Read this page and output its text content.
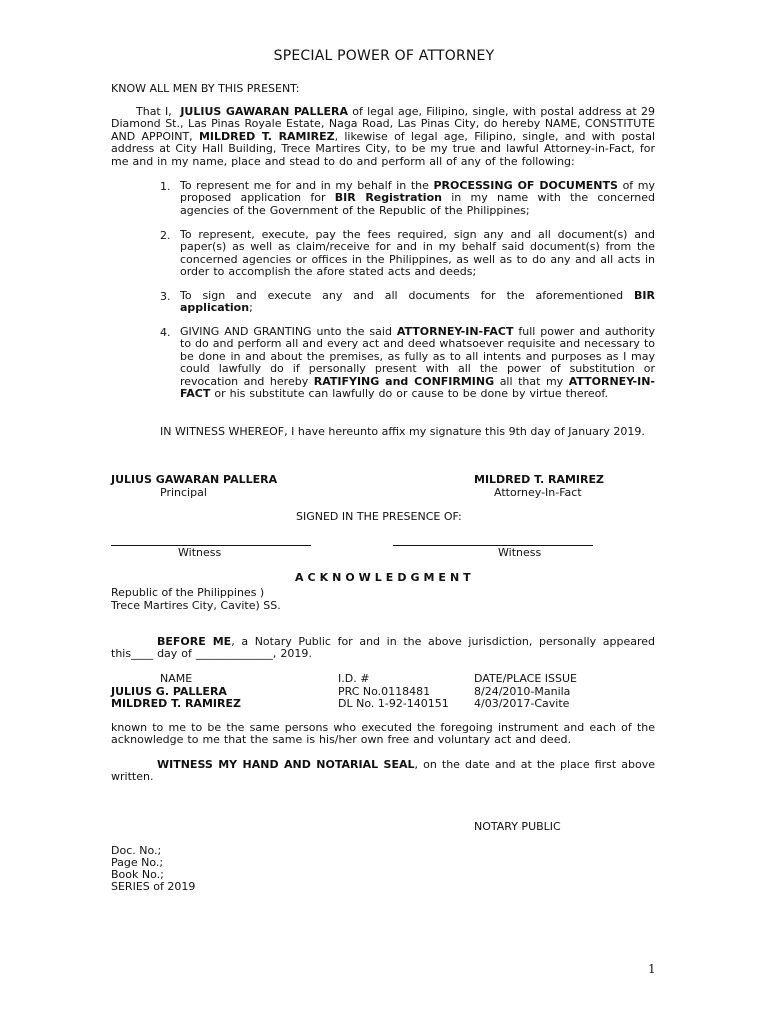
SPECIAL POWER OF ATTORNEY
KNOW ALL MEN BY THIS PRESENT:
That I, JULIUS GAWARAN PALLERA of legal age, Filipino, single, with postal address at 29 Diamond St., Las Pinas Royale Estate, Naga Road, Las Pinas City, do hereby NAME, CONSTITUTE AND APPOINT, MILDRED T. RAMIREZ, likewise of legal age, Filipino, single, and with postal address at City Hall Building, Trece Martires City, to be my true and lawful Attorney-in-Fact, for me and in my name, place and stead to do and perform all of any of the following:
1. To represent me for and in my behalf in the PROCESSING OF DOCUMENTS of my proposed application for BIR Registration in my name with the concerned agencies of the Government of the Republic of the Philippines;
2. To represent, execute, pay the fees required, sign any and all document(s) and paper(s) as well as claim/receive for and in my behalf said document(s) from the concerned agencies or offices in the Philippines, as well as to do any and all acts in order to accomplish the afore stated acts and deeds;
3. To sign and execute any and all documents for the aforementioned BIR application;
4. GIVING AND GRANTING unto the said ATTORNEY-IN-FACT full power and authority to do and perform all and every act and deed whatsoever requisite and necessary to be done in and about the premises, as fully as to all intents and purposes as I may could lawfully do if personally present with all the power of substitution or revocation and hereby RATIFYING and CONFIRMING all that my ATTORNEY-IN-FACT or his substitute can lawfully do or cause to be done by virtue thereof.
IN WITNESS WHEREOF, I have hereunto affix my signature this 9th day of January 2019.
JULIUS GAWARAN PALLERA
Principal
MILDRED T. RAMIREZ
Attorney-In-Fact
SIGNED IN THE PRESENCE OF:
Witness	Witness
ACKNOWLEDGMENT
Republic of the Philippines )
Trece Martires City, Cavite) SS.
BEFORE ME, a Notary Public for and in the above jurisdiction, personally appeared this____ day of ______________, 2019.
NAME	I.D. #	DATE/PLACE ISSUE
JULIUS G. PALLERA	PRC No.0118481	8/24/2010-Manila
MILDRED T. RAMIREZ	DL No. 1-92-140151 4/03/2017-Cavite
known to me to be the same persons who executed the foregoing instrument and each of the acknowledge to me that the same is his/her own free and voluntary act and deed.
WITNESS MY HAND AND NOTARIAL SEAL, on the date and at the place first above written.
NOTARY PUBLIC
Doc. No.;
Page No.;
Book No.;
SERIES of 2019
1
